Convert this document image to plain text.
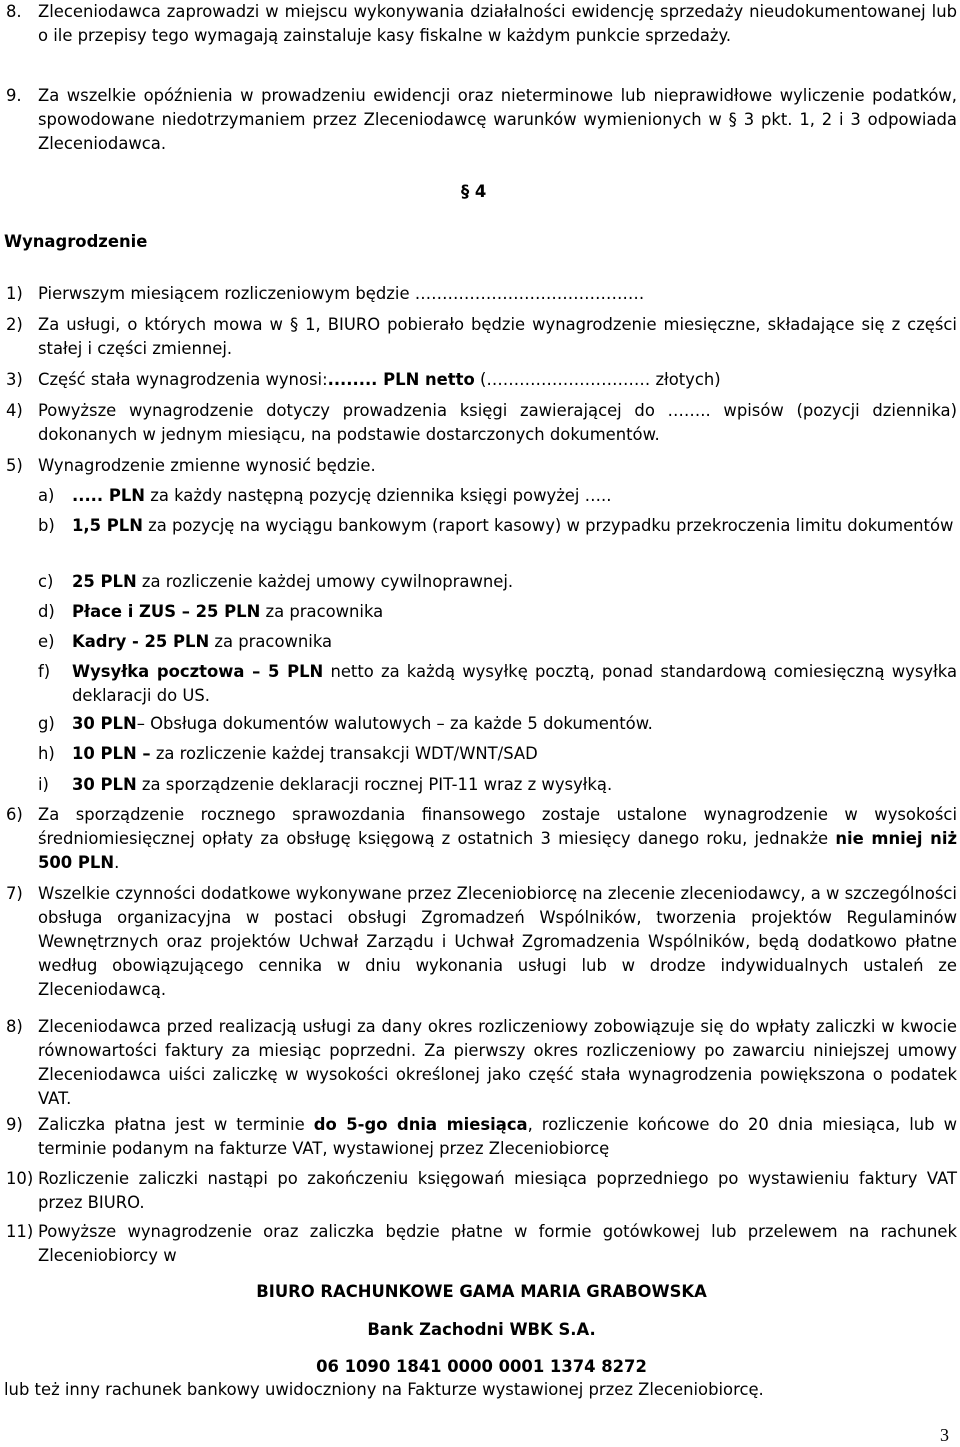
8. Zleceniodawca zaprowadzi w miejscu wykonywania działalności ewidencję sprzedaży nieudokumentowanej lub o ile przepisy tego wymagają zainstaluje kasy fiskalne w każdym punkcie sprzedaży.
9. Za wszelkie opóźnienia w prowadzeniu ewidencji oraz nieterminowe lub nieprawidłowe wyliczenie podatków, spowodowane niedotrzymaniem przez Zleceniodawcę warunków wymienionych w § 3 pkt. 1, 2 i 3 odpowiada Zleceniodawca.
§ 4
Wynagrodzenie
1) Pierwszym miesiącem rozliczeniowym będzie ……………………………………
2) Za usługi, o których mowa w § 1, BIURO pobierało będzie wynagrodzenie miesięczne, składające się z części stałej i części zmiennej.
3) Część stała wynagrodzenia wynosi:........ PLN netto (………………………… złotych)
4) Powyższe wynagrodzenie dotyczy prowadzenia księgi zawierającej do …….. wpisów (pozycji dziennika) dokonanych w jednym miesiącu, na podstawie dostarczonych dokumentów.
5) Wynagrodzenie zmienne wynosić będzie.
a) ..... PLN za każdy następną pozycję dziennika księgi powyżej …..
b) 1,5 PLN za pozycję na wyciągu bankowym (raport kasowy) w przypadku przekroczenia limitu dokumentów
c) 25 PLN za rozliczenie każdej umowy cywilnoprawnej.
d) Płace i ZUS – 25 PLN za pracownika
e) Kadry - 25 PLN za pracownika
f) Wysyłka pocztowa – 5 PLN netto za każdą wysyłkę pocztą, ponad standardową comiesięczną wysyłka deklaracji do US.
g) 30 PLN– Obsługa dokumentów walutowych – za każde 5 dokumentów.
h) 10 PLN – za rozliczenie każdej transakcji WDT/WNT/SAD
i) 30 PLN za sporządzenie deklaracji rocznej PIT-11 wraz z wysyłką.
6) Za sporządzenie rocznego sprawozdania finansowego zostaje ustalone wynagrodzenie w wysokości średniomiesięcznej opłaty za obsługę księgową z ostatnich 3 miesięcy danego roku, jednakże nie mniej niż 500 PLN.
7) Wszelkie czynności dodatkowe wykonywane przez Zleceniobiorcę na zlecenie zleceniodawcy, a w szczególności obsługa organizacyjna w postaci obsługi Zgromadzeń Wspólników, tworzenia projektów Regulaminów Wewnętrznych oraz projektów Uchwał Zarządu i Uchwał Zgromadzenia Wspólników, będą dodatkowo płatne według obowiązującego cennika w dniu wykonania usługi lub w drodze indywidualnych ustaleń ze Zleceniodawcą.
8) Zleceniodawca przed realizacją usługi za dany okres rozliczeniowy zobowiązuje się do wpłaty zaliczki w kwocie równowartości faktury za miesiąc poprzedni. Za pierwszy okres rozliczeniowy po zawarciu niniejszej umowy Zleceniodawca uiści zaliczkę w wysokości określonej jako część stała wynagrodzenia powiększona o podatek VAT.
9) Zaliczka płatna jest w terminie do 5-go dnia miesiąca, rozliczenie końcowe do 20 dnia miesiąca, lub w terminie podanym na fakturze VAT, wystawionej przez Zleceniobiorcę
10) Rozliczenie zaliczki nastąpi po zakończeniu księgowań miesiąca poprzedniego po wystawieniu faktury VAT przez BIURO.
11) Powyższe wynagrodzenie oraz zaliczka będzie płatne w formie gotówkowej lub przelewem na rachunek Zleceniobiorcy w
BIURO RACHUNKOWE GAMA MARIA GRABOWSKA
Bank Zachodni WBK S.A.
06 1090 1841 0000 0001 1374 8272
lub też inny rachunek bankowy uwidoczniony na Fakturze wystawionej przez Zleceniobiorcę.
3
